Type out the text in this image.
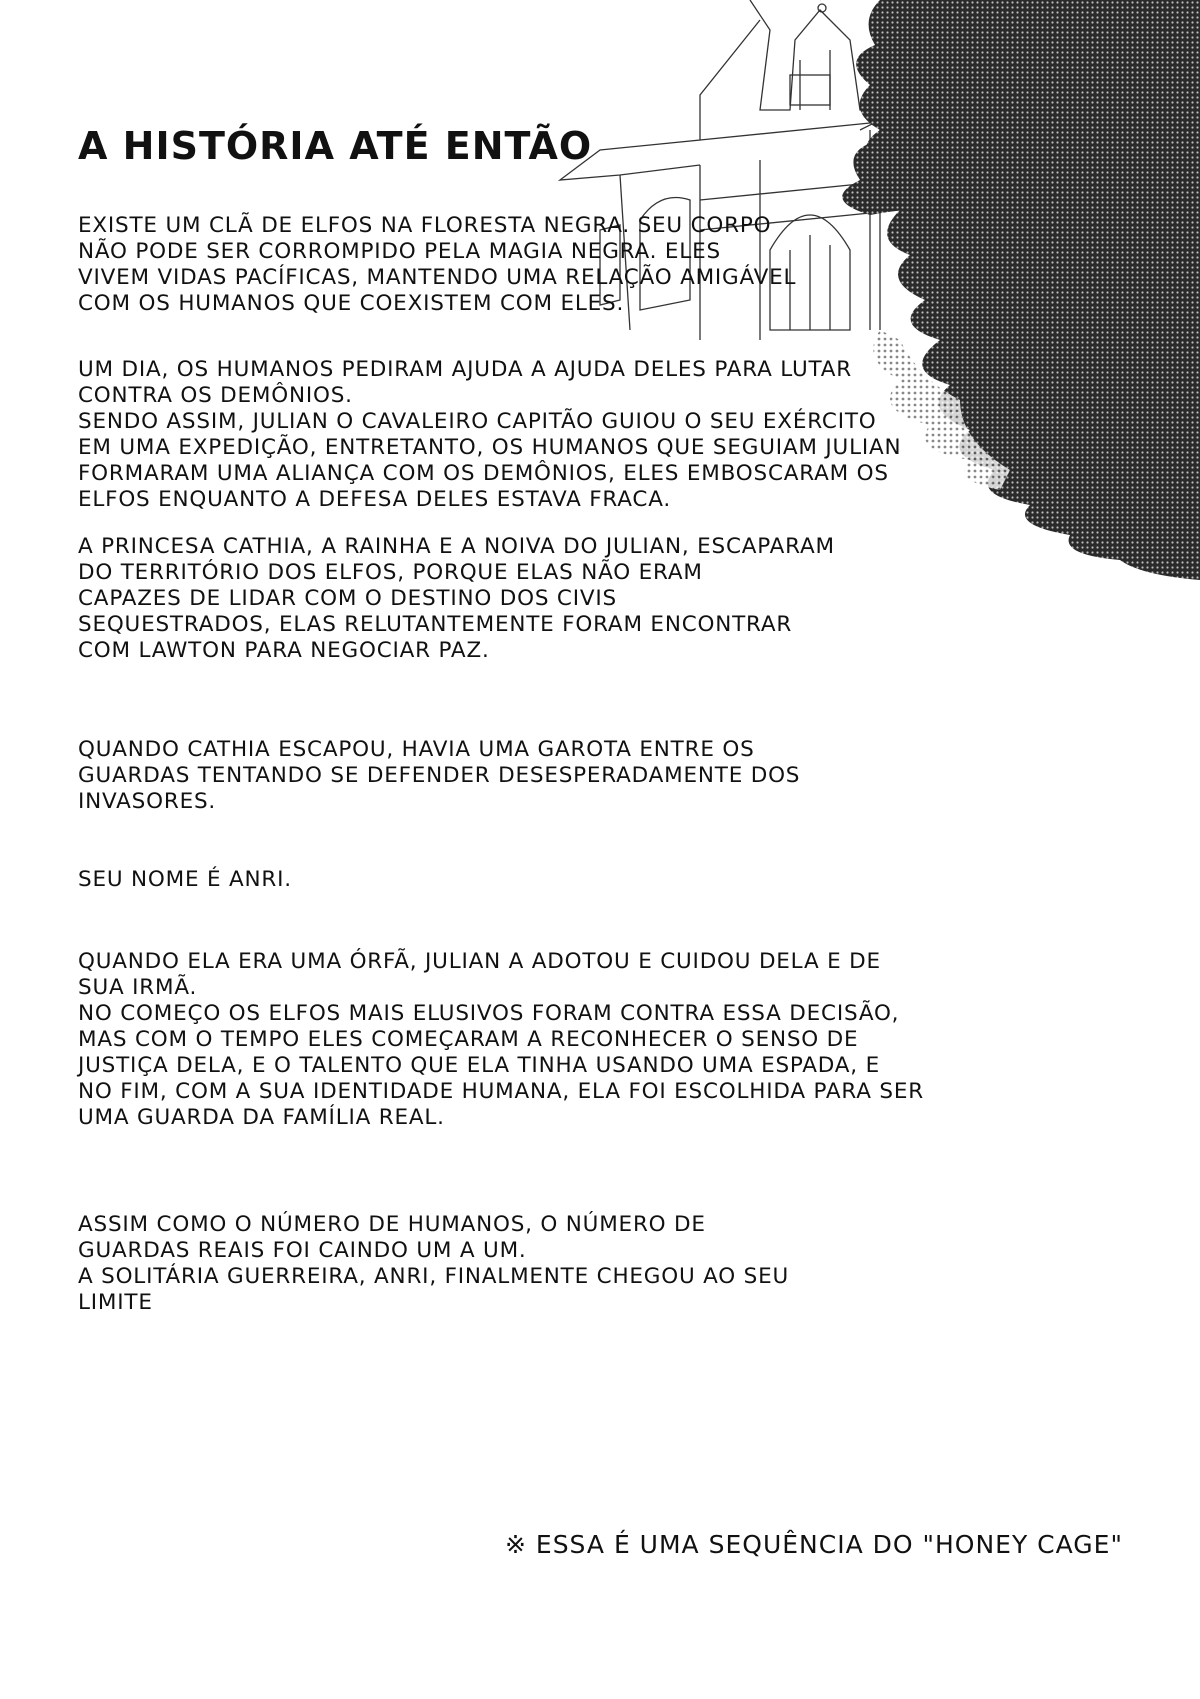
A HISTÓRIA ATÉ ENTÃO

EXISTE UM CLÃ DE ELFOS NA FLORESTA NEGRA. SEU CORPO
NÃO PODE SER CORROMPIDO PELA MAGIA NEGRA. ELES
VIVEM VIDAS PACÍFICAS, MANTENDO UMA RELAÇÃO AMIGÁVEL
COM OS HUMANOS QUE COEXISTEM COM ELES.

UM DIA, OS HUMANOS PEDIRAM AJUDA A AJUDA DELES PARA LUTAR
CONTRA OS DEMÔNIOS.
SENDO ASSIM, JULIAN O CAVALEIRO CAPITÃO GUIOU O SEU EXÉRCITO
EM UMA EXPEDIÇÃO, ENTRETANTO, OS HUMANOS QUE SEGUIAM JULIAN
FORMARAM UMA ALIANÇA COM OS DEMÔNIOS, ELES EMBOSCARAM OS
ELFOS ENQUANTO A DEFESA DELES ESTAVA FRACA.

A PRINCESA CATHIA, A RAINHA E A NOIVA DO JULIAN, ESCAPARAM
DO TERRITÓRIO DOS ELFOS, PORQUE ELAS NÃO ERAM
CAPAZES DE LIDAR COM O DESTINO DOS CIVIS
SEQUESTRADOS, ELAS RELUTANTEMENTE FORAM ENCONTRAR
COM LAWTON PARA NEGOCIAR PAZ.

QUANDO CATHIA ESCAPOU, HAVIA UMA GAROTA ENTRE OS
GUARDAS TENTANDO SE DEFENDER DESESPERADAMENTE DOS
INVASORES.

SEU NOME É ANRI.

QUANDO ELA ERA UMA ÓRFÃ, JULIAN A ADOTOU E CUIDOU DELA E DE
SUA IRMÃ.
NO COMEÇO OS ELFOS MAIS ELUSIVOS FORAM CONTRA ESSA DECISÃO,
MAS COM O TEMPO ELES COMEÇARAM A RECONHECER O SENSO DE
JUSTIÇA DELA, E O TALENTO QUE ELA TINHA USANDO UMA ESPADA, E
NO FIM, COM A SUA IDENTIDADE HUMANA, ELA FOI ESCOLHIDA PARA SER
UMA GUARDA DA FAMÍLIA REAL.

ASSIM COMO O NÚMERO DE HUMANOS, O NÚMERO DE
GUARDAS REAIS FOI CAINDO UM A UM.
A SOLITÁRIA GUERREIRA, ANRI, FINALMENTE CHEGOU AO SEU
LIMITE

※ ESSA É UMA SEQUÊNCIA DO "HONEY CAGE"
